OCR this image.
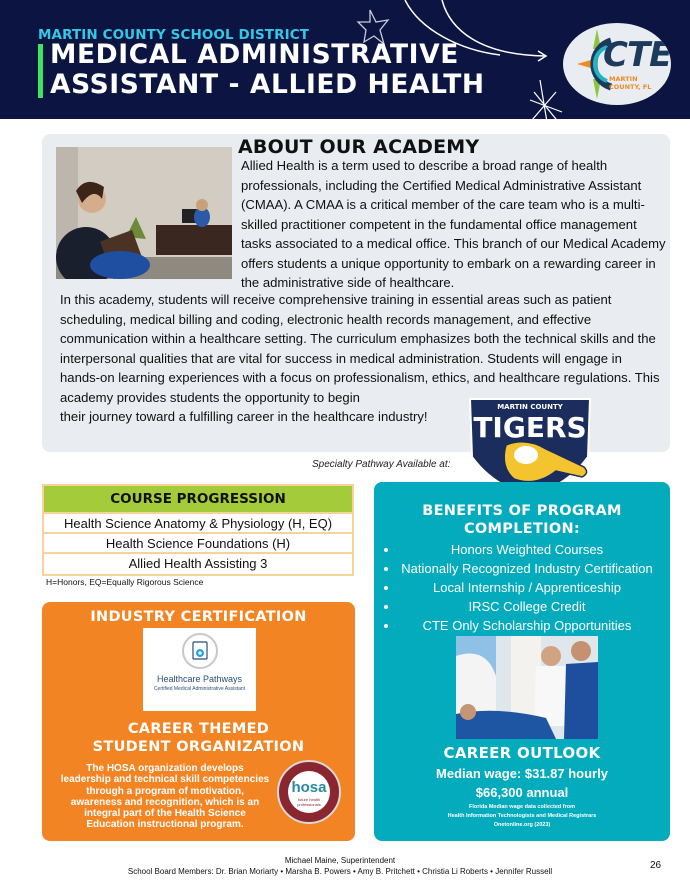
MARTIN COUNTY SCHOOL DISTRICT
MEDICAL ADMINISTRATIVE
ASSISTANT - ALLIED HEALTH
CTE
MARTIN COUNTY, FL
ABOUT OUR ACADEMY
Allied Health is a term used to describe a broad range of health professionals, including the Certified Medical Administrative Assistant (CMAA). A CMAA is a critical member of the care team who is a multi-skilled practitioner competent in the fundamental office management tasks associated to a medical office. This branch of our Medical Academy offers students a unique opportunity to embark on a rewarding career in the administrative side of healthcare.
In this academy, students will receive comprehensive training in essential areas such as patient scheduling, medical billing and coding, electronic health records management, and effective communication within a healthcare setting. The curriculum emphasizes both the technical skills and the interpersonal qualities that are vital for success in medical administration. Students will engage in hands-on learning experiences with a focus on professionalism, ethics, and healthcare regulations. This academy provides students the opportunity to begin
their journey toward a fulfilling career in the healthcare industry!
MARTIN COUNTY
TIGERS
Specialty Pathway Available at:
COURSE PROGRESSION
Health Science Anatomy & Physiology (H, EQ)
Health Science Foundations (H)
Allied Health Assisting 3
H=Honors, EQ=Equally Rigorous Science
INDUSTRY CERTIFICATION
Healthcare Pathways
Certified Medical Administrative Assistant
CAREER THEMED
STUDENT ORGANIZATION
The HOSA organization develops leadership and technical skill competencies through a program of motivation, awareness and recognition, which is an integral part of the Health Science Education instructional program.
hosa
future health professionals
BENEFITS OF PROGRAM
COMPLETION:
Honors Weighted Courses
Nationally Recognized Industry Certification
Local Internship / Apprenticeship
IRSC College Credit
CTE Only Scholarship Opportunities
CAREER OUTLOOK
Median wage: $31.87 hourly
$66,300 annual
Florida Median wage data collected from
Health Information Technologists and Medical Registrars
Onetonline.org (2023)
Michael Maine, Superintendent
School Board Members: Dr. Brian Moriarty • Marsha B. Powers • Amy B. Pritchett • Christia Li Roberts • Jennifer Russell
26
